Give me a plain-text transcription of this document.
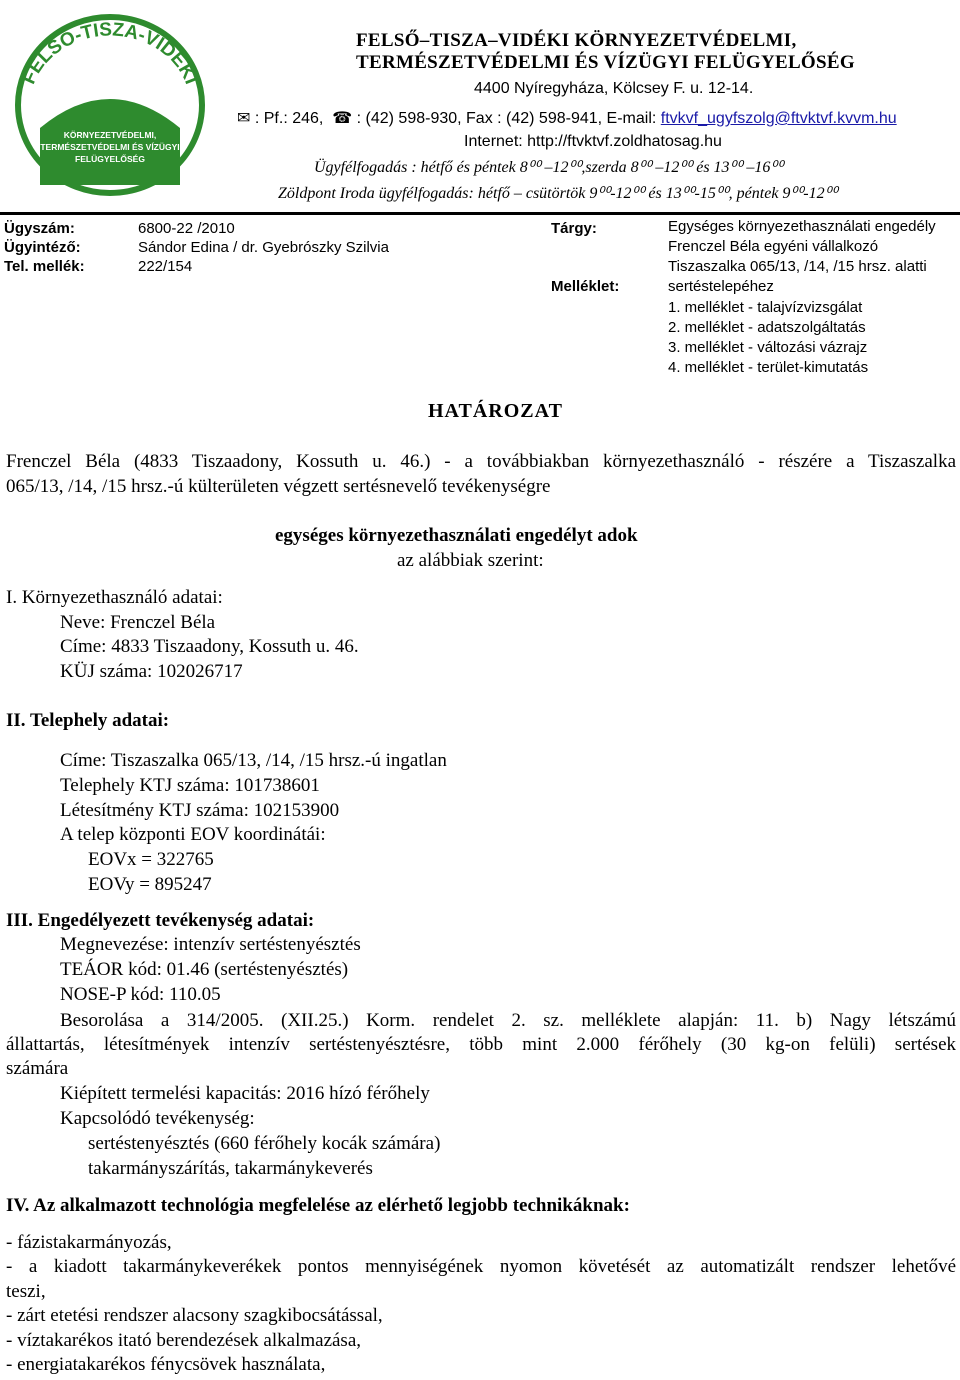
FELSŐ-TISZA-VIDÉKI
KÖRNYEZETVÉDELMI,
TERMÉSZETVÉDELMI ÉS VÍZÜGYI
FELÜGYELŐSÉG
FELSŐ–TISZA–VIDÉKI KÖRNYEZETVÉDELMI,
TERMÉSZETVÉDELMI ÉS VÍZÜGYI FELÜGYELŐSÉG
4400 Nyíregyháza, Kölcsey F. u. 12-14.
✉ : Pf.: 246,  ☎ : (42) 598-930, Fax : (42) 598-941, E-mail: ftvkvf_ugyfszolg@ftvktvf.kvvm.hu
Internet: http://ftvktvf.zoldhatosag.hu
Ügyfélfogadás : hétfő és péntek 8⁰⁰ –12⁰⁰,szerda 8⁰⁰ –12⁰⁰ és 13⁰⁰ –16⁰⁰
Zöldpont Iroda ügyfélfogadás: hétfő – csütörtök 9⁰⁰-12⁰⁰ és 13⁰⁰-15⁰⁰, péntek 9⁰⁰-12⁰⁰
Ügyszám:	6800-22 /2010
Ügyintéző:	Sándor Edina / dr. Gyebrószky Szilvia
Tel. mellék:	222/154
Tárgy:	Egységes környezethasználati engedély
Frenczel Béla egyéni vállalkozó
Tiszaszalka 065/13, /14, /15 hrsz. alatti
sertéstelepéhez
Melléklet:
1. melléklet - talajvízvizsgálat
2. melléklet - adatszolgáltatás
3. melléklet - változási vázrajz
4. melléklet - terület-kimutatás
HATÁROZAT
Frenczel Béla (4833 Tiszaadony, Kossuth u. 46.) - a továbbiakban környezethasználó - részére a Tiszaszalka
065/13, /14, /15 hrsz.-ú külterületen végzett sertésnevelő tevékenységre
egységes környezethasználati engedélyt adok
az alábbiak szerint:
I. Környezethasználó adatai:
Neve: Frenczel Béla
Címe: 4833 Tiszaadony, Kossuth u. 46.
KÜJ száma: 102026717
II. Telephely adatai:
Címe: Tiszaszalka 065/13, /14, /15 hrsz.-ú ingatlan
Telephely KTJ száma: 101738601
Létesítmény KTJ száma: 102153900
A telep központi EOV koordinátái:
EOVx = 322765
EOVy = 895247
III. Engedélyezett tevékenység adatai:
Megnevezése: intenzív sertéstenyésztés
TEÁOR kód: 01.46 (sertéstenyésztés)
NOSE-P kód: 110.05
Besorolása a 314/2005. (XII.25.) Korm. rendelet 2. sz. melléklete alapján: 11. b) Nagy létszámú
állattartás, létesítmények intenzív sertéstenyésztésre, több mint 2.000 férőhely (30 kg-on felüli) sertések
számára
Kiépített termelési kapacitás: 2016 hízó férőhely
Kapcsolódó tevékenység:
sertéstenyésztés (660 férőhely kocák számára)
takarmányszárítás, takarmánykeverés
IV. Az alkalmazott technológia megfelelése az elérhető legjobb technikáknak:
- fázistakarmányozás,
- a kiadott takarmánykeverékek pontos mennyiségének nyomon követését az automatizált rendszer lehetővé
teszi,
- zárt etetési rendszer alacsony szagkibocsátással,
- víztakarékos itató berendezések alkalmazása,
- energiatakarékos fénycsövek használata,
